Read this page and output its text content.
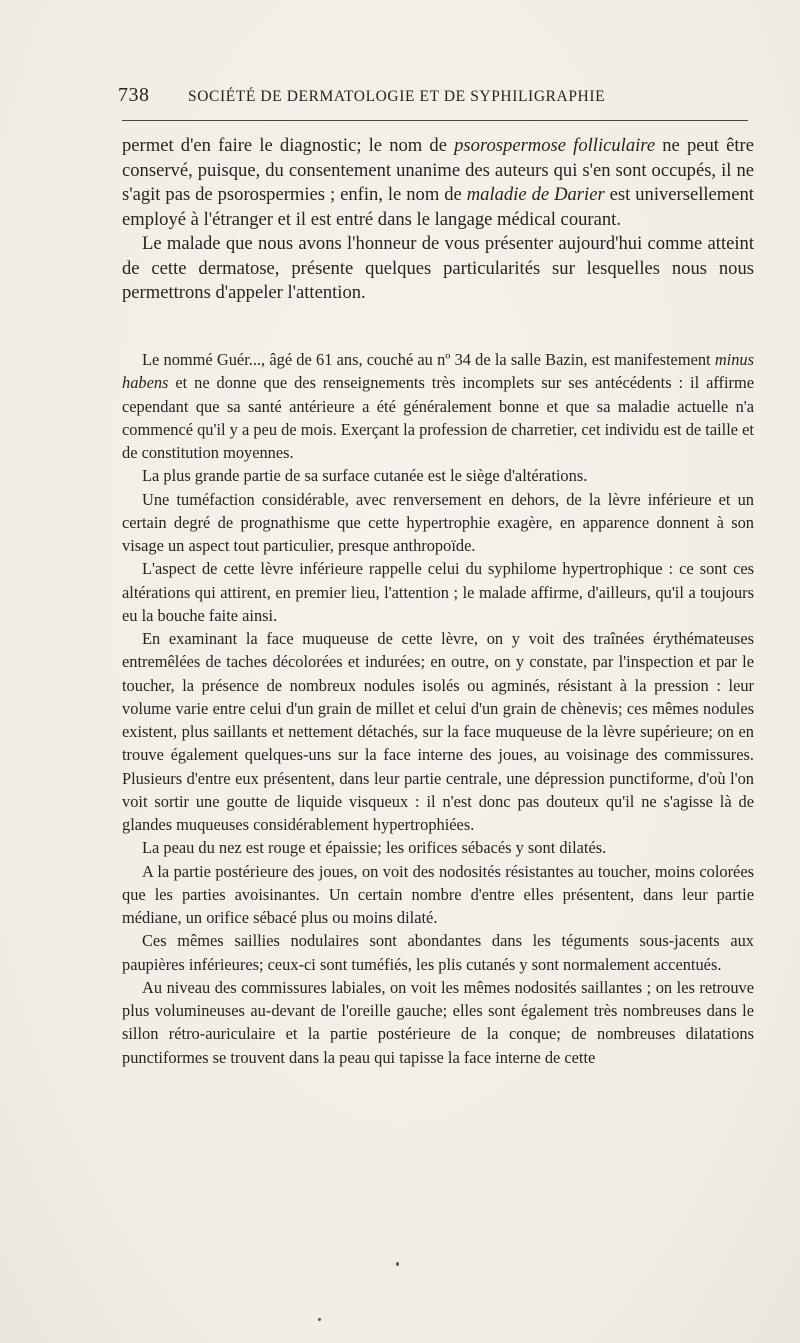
738 SOCIÉTÉ DE DERMATOLOGIE ET DE SYPHILIGRAPHIE

permet d'en faire le diagnostic; le nom de psorospermose folliculaire ne peut être conservé, puisque, du consentement unanime des auteurs qui s'en sont occupés, il ne s'agit pas de psorospermies ; enfin, le nom de maladie de Darier est universellement employé à l'étranger et il est entré dans le langage médical courant.

Le malade que nous avons l'honneur de vous présenter aujourd'hui comme atteint de cette dermatose, présente quelques particularités sur lesquelles nous nous permettrons d'appeler l'attention.

Le nommé Guér..., âgé de 61 ans, couché au nº 34 de la salle Bazin, est manifestement minus habens et ne donne que des renseignements très incomplets sur ses antécédents : il affirme cependant que sa santé antérieure a été généralement bonne et que sa maladie actuelle n'a commencé qu'il y a peu de mois. Exerçant la profession de charretier, cet individu est de taille et de constitution moyennes.

La plus grande partie de sa surface cutanée est le siège d'altérations.

Une tuméfaction considérable, avec renversement en dehors, de la lèvre inférieure et un certain degré de prognathisme que cette hypertrophie exagère, en apparence donnent à son visage un aspect tout particulier, presque anthropoïde.

L'aspect de cette lèvre inférieure rappelle celui du syphilome hypertrophique : ce sont ces altérations qui attirent, en premier lieu, l'attention ; le malade affirme, d'ailleurs, qu'il a toujours eu la bouche faite ainsi.

En examinant la face muqueuse de cette lèvre, on y voit des traînées érythémateuses entremêlées de taches décolorées et indurées; en outre, on y constate, par l'inspection et par le toucher, la présence de nombreux nodules isolés ou agminés, résistant à la pression : leur volume varie entre celui d'un grain de millet et celui d'un grain de chènevis; ces mêmes nodules existent, plus saillants et nettement détachés, sur la face muqueuse de la lèvre supérieure; on en trouve également quelques-uns sur la face interne des joues, au voisinage des commissures. Plusieurs d'entre eux présentent, dans leur partie centrale, une dépression punctiforme, d'où l'on voit sortir une goutte de liquide visqueux : il n'est donc pas douteux qu'il ne s'agisse là de glandes muqueuses considérablement hypertrophiées.

La peau du nez est rouge et épaissie; les orifices sébacés y sont dilatés.

A la partie postérieure des joues, on voit des nodosités résistantes au toucher, moins colorées que les parties avoisinantes. Un certain nombre d'entre elles présentent, dans leur partie médiane, un orifice sébacé plus ou moins dilaté.

Ces mêmes saillies nodulaires sont abondantes dans les téguments sous-jacents aux paupières inférieures; ceux-ci sont tuméfiés, les plis cutanés y sont normalement accentués.

Au niveau des commissures labiales, on voit les mêmes nodosités saillantes ; on les retrouve plus volumineuses au-devant de l'oreille gauche; elles sont également très nombreuses dans le sillon rétro-auriculaire et la partie postérieure de la conque; de nombreuses dilatations punctiformes se trouvent dans la peau qui tapisse la face interne de cette
